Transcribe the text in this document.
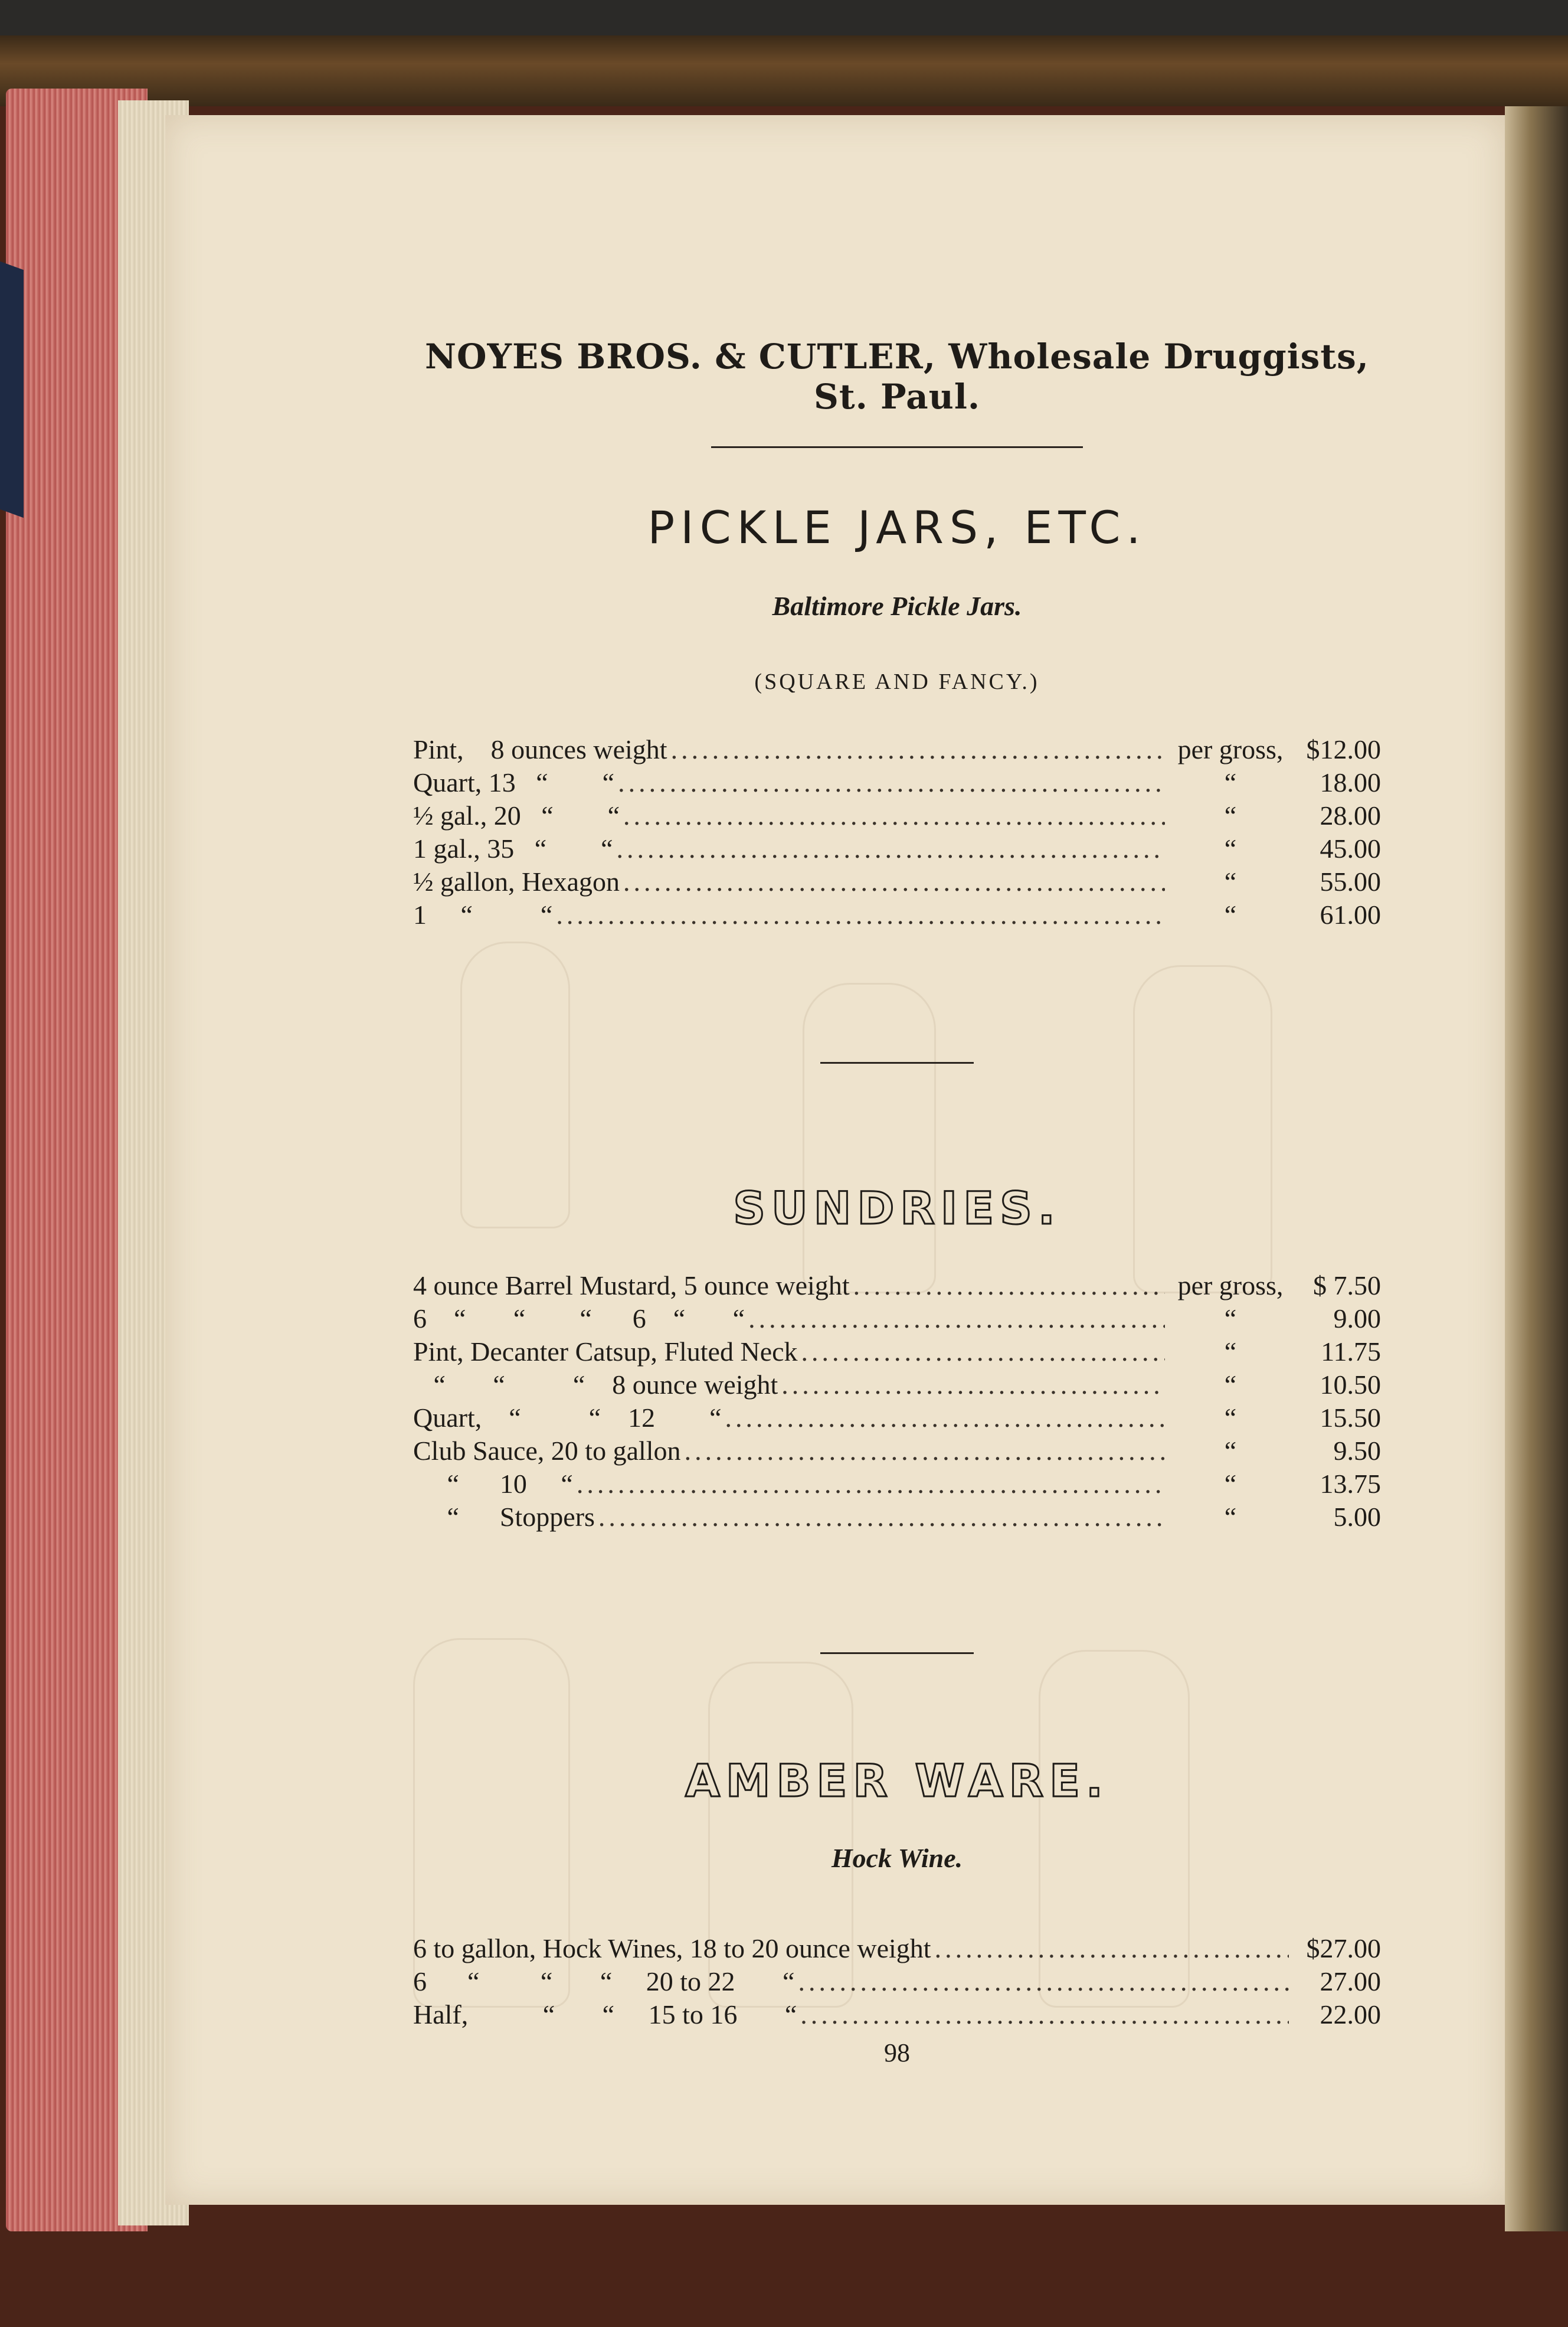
NOYES BROS. & CUTLER, Wholesale Druggists, St. Paul.
PICKLE JARS, ETC.
Baltimore Pickle Jars.
(SQUARE AND FANCY.)
Pint,    8 ounces weight .....	per gross, $12.00
Quart, 13   “        “ .....	“	18.00
½ gal., 20   “        “ .....	“	28.00
1 gal., 35   “        “ .....	“	45.00
½ gallon, Hexagon .....	“	55.00
1     “          “ .....	“	61.00
SUNDRIES.
4 ounce Barrel Mustard, 5 ounce weight .....	per gross,	$ 7.50
6    “       “        “      6    “       “ .....	“	9.00
Pint, Decanter Catsup, Fluted Neck .....	“	11.75
“       “          “    8 ounce weight .....	“	10.50
Quart,    “          “    12        “ .....	“	15.50
Club Sauce, 20 to gallon .....	“	9.50
“      10     “ .....	“	13.75
“      Stoppers .....	“	5.00
AMBER WARE.
Hock Wine.
6 to gallon, Hock Wines, 18 to 20 ounce weight .....	$27.00
6      “         “       “     20 to 22       “ .....	27.00
Half,           “       “     15 to 16       “ .....	22.00
98
